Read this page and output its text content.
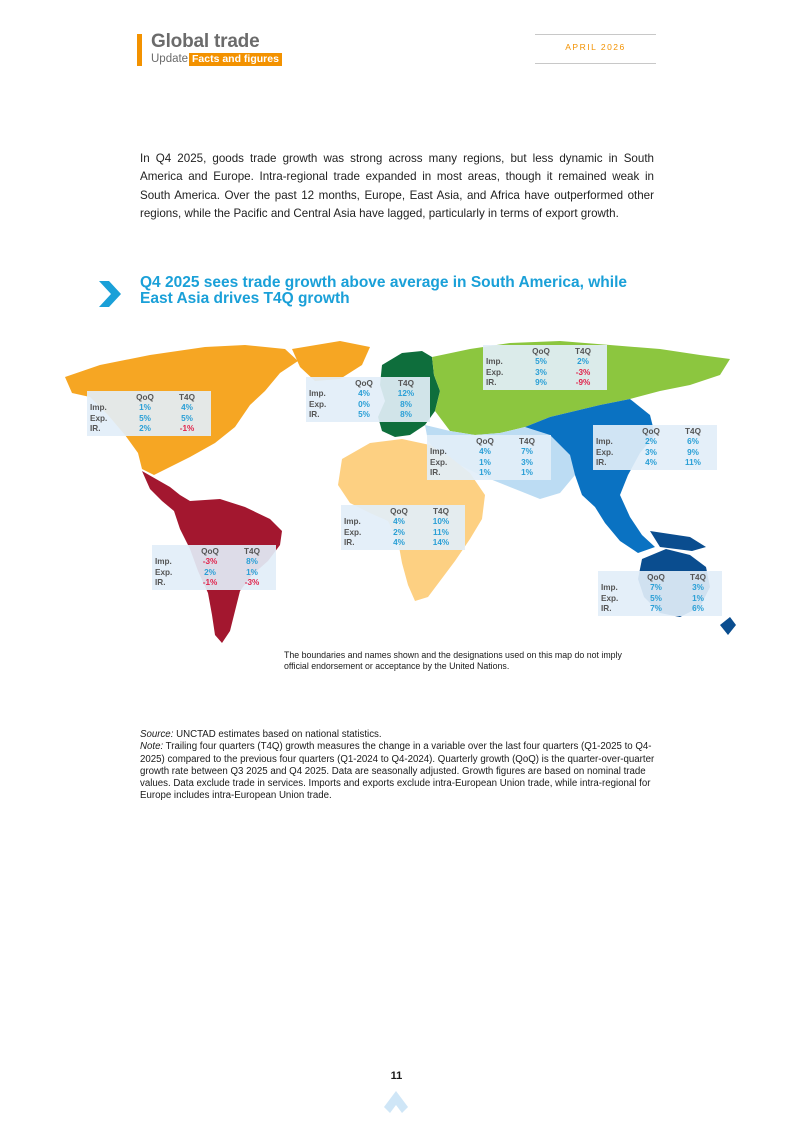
Global trade
Update Facts and figures
APRIL 2026
In Q4 2025, goods trade growth was strong across many regions, but less dynamic in South America and Europe. Intra-regional trade expanded in most areas, though it remained weak in South America. Over the past 12 months, Europe, East Asia, and Africa have outperformed other regions, while the Pacific and Central Asia have lagged, particularly in terms of export growth.
Q4 2025 sees trade growth above average in South America, while East Asia drives T4Q growth
	QoQ	T4Q
Imp.	1%	4%
Exp.	5%	5%
IR.	2%	-1%
	QoQ	T4Q
Imp.	4%	12%
Exp.	0%	8%
IR.	5%	8%
	QoQ	T4Q
Imp.	5%	2%
Exp.	3%	-3%
IR.	9%	-9%
	QoQ	T4Q
Imp.	4%	7%
Exp.	1%	3%
IR.	1%	1%
	QoQ	T4Q
Imp.	2%	6%
Exp.	3%	9%
IR.	4%	11%
	QoQ	T4Q
Imp.	4%	10%
Exp.	2%	11%
IR.	4%	14%
	QoQ	T4Q
Imp.	-3%	8%
Exp.	2%	1%
IR.	-1%	-3%
	QoQ	T4Q
Imp.	7%	3%
Exp.	5%	1%
IR.	7%	6%
The boundaries and names shown and the designations used on this map do not imply official endorsement or acceptance by the United Nations.
Source: UNCTAD estimates based on national statistics.
Note: Trailing four quarters (T4Q) growth measures the change in a variable over the last four quarters (Q1-2025 to Q4-2025) compared to the previous four quarters (Q1-2024 to Q4-2024). Quarterly growth (QoQ) is the quarter-over-quarter growth rate between Q3 2025 and Q4 2025. Data are seasonally adjusted. Growth figures are based on nominal trade values. Data exclude trade in services. Imports and exports exclude intra-European Union trade, while intra-regional for Europe includes intra-European Union trade.
11
